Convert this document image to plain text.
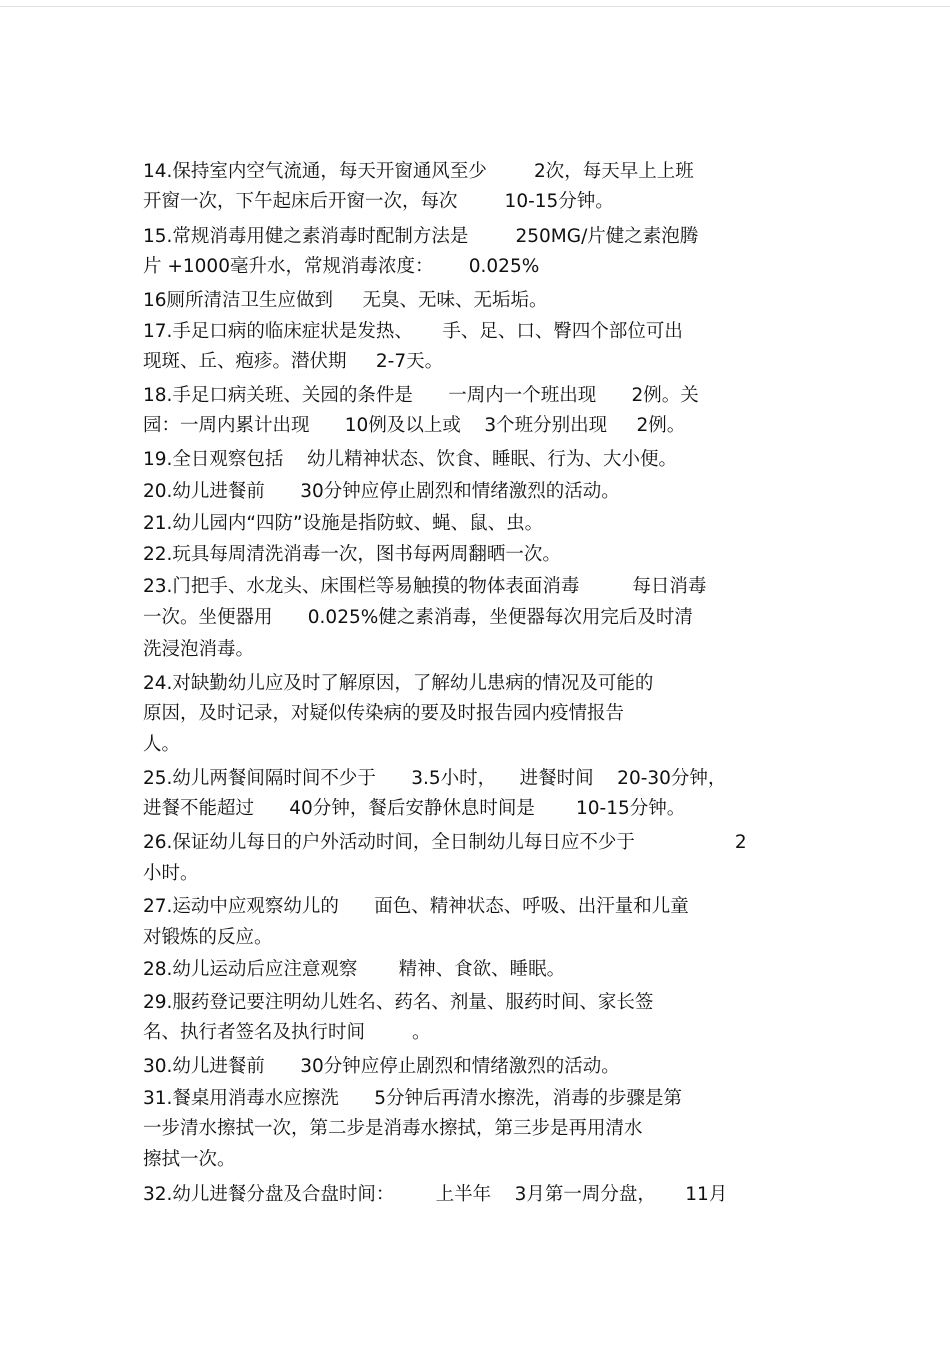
14.保持室内空气流通，每天开窗通风至少        2次，每天早上上班
开窗一次，下午起床后开窗一次，每次        10-15分钟。
15.常规消毒用健之素消毒时配制方法是        250MG/片健之素泡腾
片 +1000毫升水，常规消毒浓度：      0.025%
16厕所清洁卫生应做到     无臭、无味、无垢垢。
17.手足口病的临床症状是发热、     手、足、口、臀四个部位可出
现斑、丘、疱疹。潜伏期     2-7天。
18.手足口病关班、关园的条件是      一周内一个班出现      2例。关
园：一周内累计出现      10例及以上或    3个班分别出现     2例。
19.全日观察包括    幼儿精神状态、饮食、睡眠、行为、大小便。
20.幼儿进餐前      30分钟应停止剧烈和情绪激烈的活动。
21.幼儿园内“四防”设施是指防蚊、蝇、鼠、虫。
22.玩具每周清洗消毒一次，图书每两周翻晒一次。
23.门把手、水龙头、床围栏等易触摸的物体表面消毒         每日消毒
一次。坐便器用      0.025%健之素消毒，坐便器每次用完后及时清
洗浸泡消毒。
24.对缺勤幼儿应及时了解原因，了解幼儿患病的情况及可能的
原因，及时记录，对疑似传染病的要及时报告园内疫情报告
人。
25.幼儿两餐间隔时间不少于      3.5小时，    进餐时间    20-30分钟，
进餐不能超过      40分钟，餐后安静休息时间是       10-15分钟。
26.保证幼儿每日的户外活动时间，全日制幼儿每日应不少于                 2
小时。
27.运动中应观察幼儿的      面色、精神状态、呼吸、出汗量和儿童
对锻炼的反应。
28.幼儿运动后应注意观察       精神、食欲、睡眠。
29.服药登记要注明幼儿姓名、药名、剂量、服药时间、家长签
名、执行者签名及执行时间        。
30.幼儿进餐前      30分钟应停止剧烈和情绪激烈的活动。
31.餐桌用消毒水应擦洗      5分钟后再清水擦洗，消毒的步骤是第
一步清水擦拭一次，第二步是消毒水擦拭，第三步是再用清水
擦拭一次。
32.幼儿进餐分盘及合盘时间：       上半年    3月第一周分盘，     11月
